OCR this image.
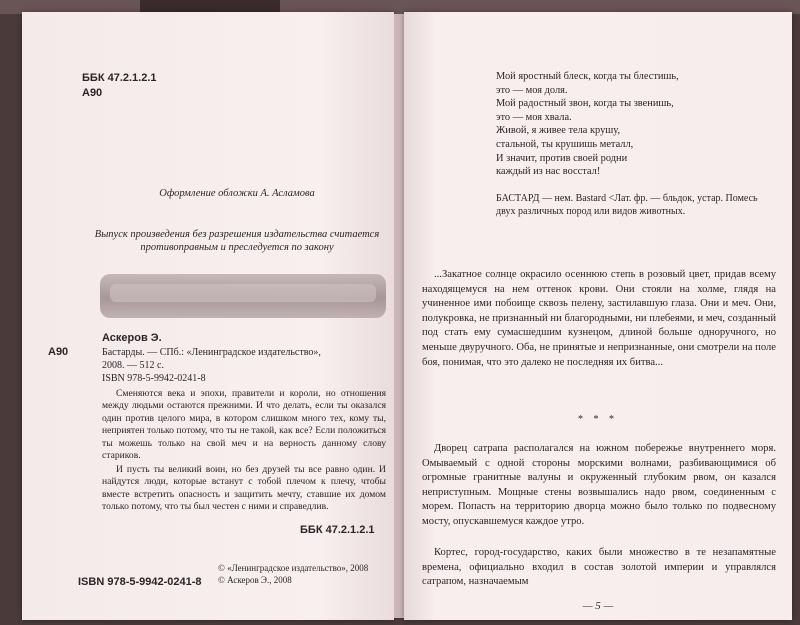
ББК 47.2.1.2.1
А90
Оформление обложки А. Асламова
Выпуск произведения без разрешения издательства считается противоправным и преследуется по закону
Аскеров Э.
А90	Бастарды. — СПб.: «Ленинградское издательство»,
2008. — 512 с.
ISBN 978-5-9942-0241-8
Сменяются века и эпохи, правители и короли, но отношения между людьми остаются прежними. И что делать, если ты оказался один против целого мира, в котором слишком много тех, кому ты, неприятен только потому, что ты не такой, как все? Если положиться ты можешь только на свой меч и на верность данному слову стариков.
И пусть ты великий воин, но без друзей ты все равно один. И найдутся люди, которые встанут с тобой плечом к плечу, чтобы вместе встретить опасность и защитить мечту, ставшие их домом только потому, что ты был честен с ними и справедлив.
ББК 47.2.1.2.1
ISBN 978-5-9942-0241-8
© «Ленинградское издательство», 2008
© Аскеров Э., 2008
Мой яростный блеск, когда ты блестишь,
это — моя доля.
Мой радостный звон, когда ты звенишь,
это — моя хвала.
Живой, я живее тела крушу,
стальной, ты крушишь металл,
И значит, против своей родни
каждый из нас восстал!
БАСТАРД — нем. Bastard <Лат. фр. — бльдок, устар. Помесь двух различных пород или видов животных.
...Закатное солнце окрасило осеннюю степь в розовый цвет, придав всему находящемуся на нем оттенок крови. Они стояли на холме, глядя на учиненное ими побоище сквозь пелену, застилавшую глаза. Они и меч. Они, полукровка, не признанный ни благородными, ни плебеями, и меч, созданный под стать ему сумасшедшим кузнецом, длиной больше одноручного, но меньше двуручного. Оба, не принятые и непризнанные, они смотрели на поле боя, понимая, что это далеко не последняя их битва...
* * *
Дворец сатрапа располагался на южном побережье внутреннего моря. Омываемый с одной стороны морскими волнами, разбивающимися об огромные гранитные валуны и окруженный глубоким рвом, он казался неприступным. Мощные стены возвышались надо рвом, соединенным с морем. Попасть на территорию дворца можно было только по подвесному мосту, опускавшемуся каждое утро.
Кортес, город-государство, каких были множество в те незапамятные времена, официально входил в состав золотой империи и управлялся сатрапом, назначаемым
— 5 —
